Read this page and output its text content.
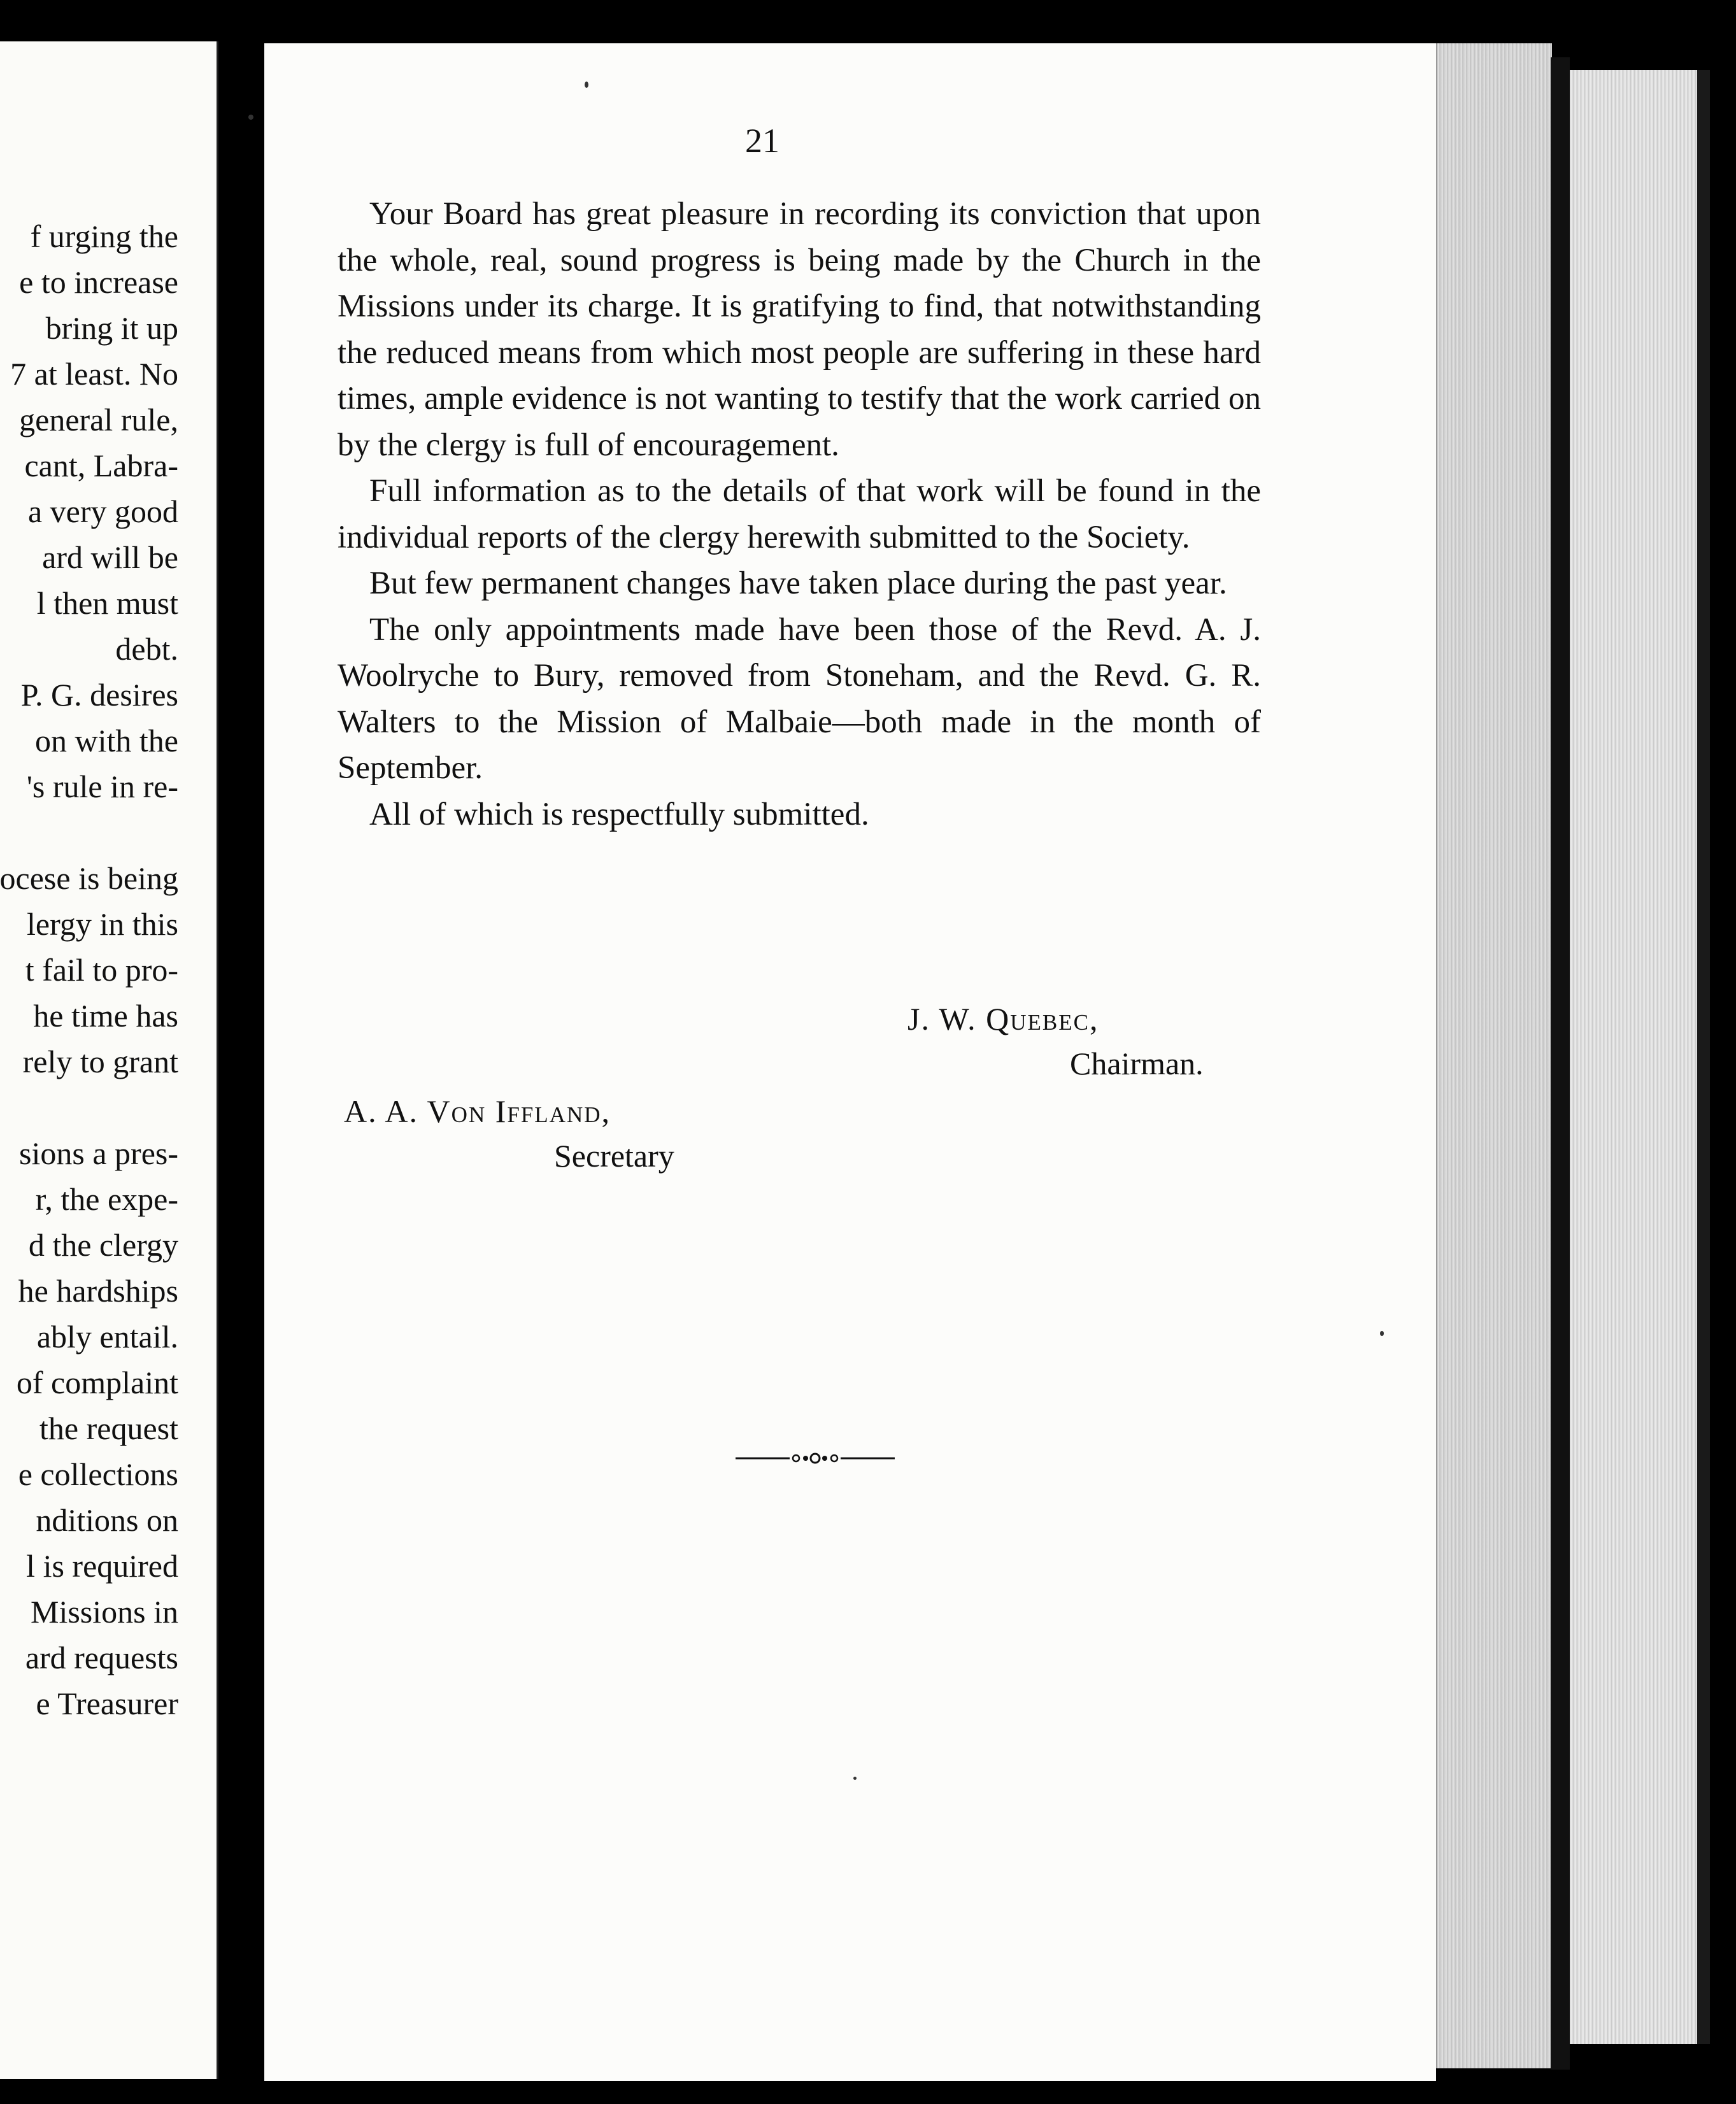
f urging the
e to increase
bring it up
7 at least. No
general rule,
cant, Labra-
a very good
ard will be
l then must
debt.
P. G. desires
on with the
's rule in re-
ocese is being
lergy in this
t fail to pro-
he time has
rely to grant
sions a pres-
r, the expe-
d the clergy
he hardships
ably entail.
of complaint
the request
e collections
nditions on
l is required
Missions in
ard requests
e Treasurer
21

Your Board has great pleasure in recording its conviction that upon the whole, real, sound progress is being made by the Church in the Missions under its charge. It is gratifying to find, that notwithstanding the reduced means from which most people are suffering in these hard times, ample evidence is not wanting to testify that the work carried on by the clergy is full of encouragement.

Full information as to the details of that work will be found in the individual reports of the clergy herewith submitted to the Society.

But few permanent changes have taken place during the past year.

The only appointments made have been those of the Revd. A. J. Woolryche to Bury, removed from Stoneham, and the Revd. G. R. Walters to the Mission of Malbaie—both made in the month of September.

All of which is respectfully submitted.

J. W. Quebec,
Chairman.
A. A. Von Iffland,
Secretary
